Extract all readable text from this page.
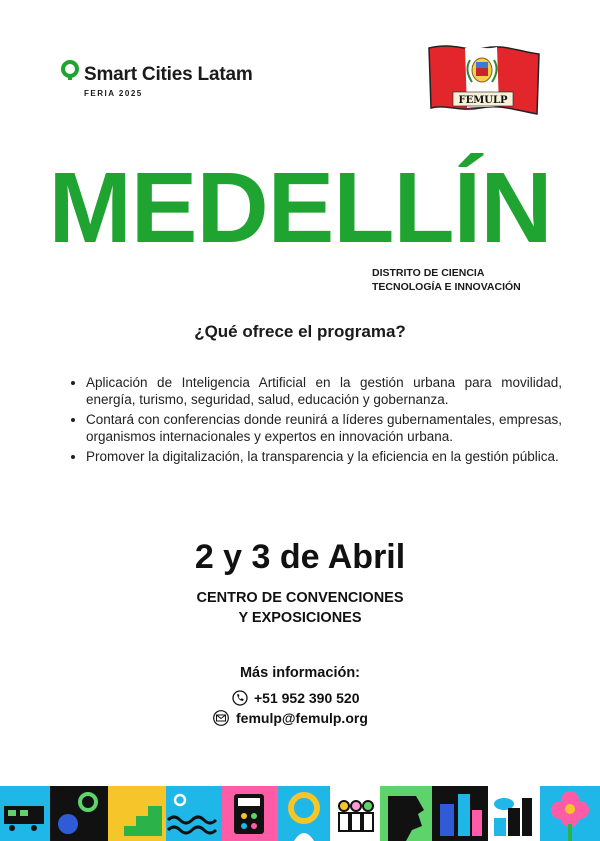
Smart Cities Latam
FERIA 2025
FEMULP
MEDELLÍN
DISTRITO DE CIENCIA
TECNOLOGÍA E INNOVACIÓN
¿Qué ofrece el programa?
• Aplicación de Inteligencia Artificial en la gestión urbana para movilidad, energía, turismo, seguridad, salud, educación y gobernanza.
• Contará con conferencias donde reunirá a líderes gubernamentales, empresas, organismos internacionales y expertos en innovación urbana.
• Promover la digitalización, la transparencia y la eficiencia en la gestión pública.
2 y 3 de Abril
CENTRO DE CONVENCIONES
Y EXPOSICIONES
Más información:
+51 952 390 520
femulp@femulp.org
